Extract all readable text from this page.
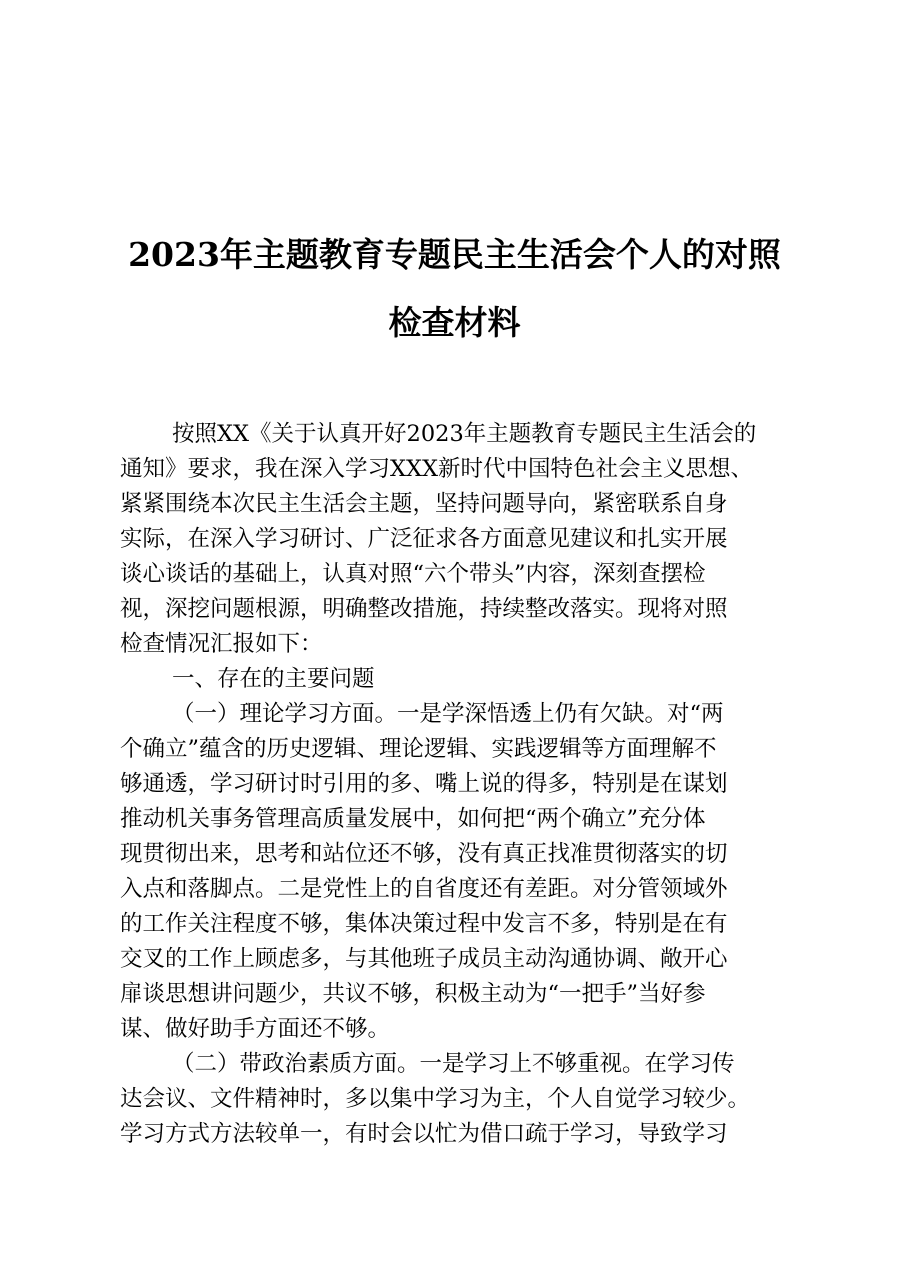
2023年主题教育专题民主生活会个人的对照
检查材料
按照XX《关于认真开好2023年主题教育专题民主生活会的
通知》要求，我在深入学习XXX新时代中国特色社会主义思想、
紧紧围绕本次民主生活会主题，坚持问题导向，紧密联系自身
实际，在深入学习研讨、广泛征求各方面意见建议和扎实开展
谈心谈话的基础上，认真对照“六个带头”内容，深刻查摆检
视，深挖问题根源，明确整改措施，持续整改落实。现将对照
检查情况汇报如下：
一、存在的主要问题
（一）理论学习方面。一是学深悟透上仍有欠缺。对“两
个确立”蕴含的历史逻辑、理论逻辑、实践逻辑等方面理解不
够通透，学习研讨时引用的多、嘴上说的得多，特别是在谋划
推动机关事务管理高质量发展中，如何把“两个确立”充分体
现贯彻出来，思考和站位还不够，没有真正找准贯彻落实的切
入点和落脚点。二是党性上的自省度还有差距。对分管领域外
的工作关注程度不够，集体决策过程中发言不多，特别是在有
交叉的工作上顾虑多，与其他班子成员主动沟通协调、敞开心
扉谈思想讲问题少，共议不够，积极主动为“一把手”当好参
谋、做好助手方面还不够。
（二）带政治素质方面。一是学习上不够重视。在学习传
达会议、文件精神时，多以集中学习为主，个人自觉学习较少。
学习方式方法较单一，有时会以忙为借口疏于学习，导致学习
